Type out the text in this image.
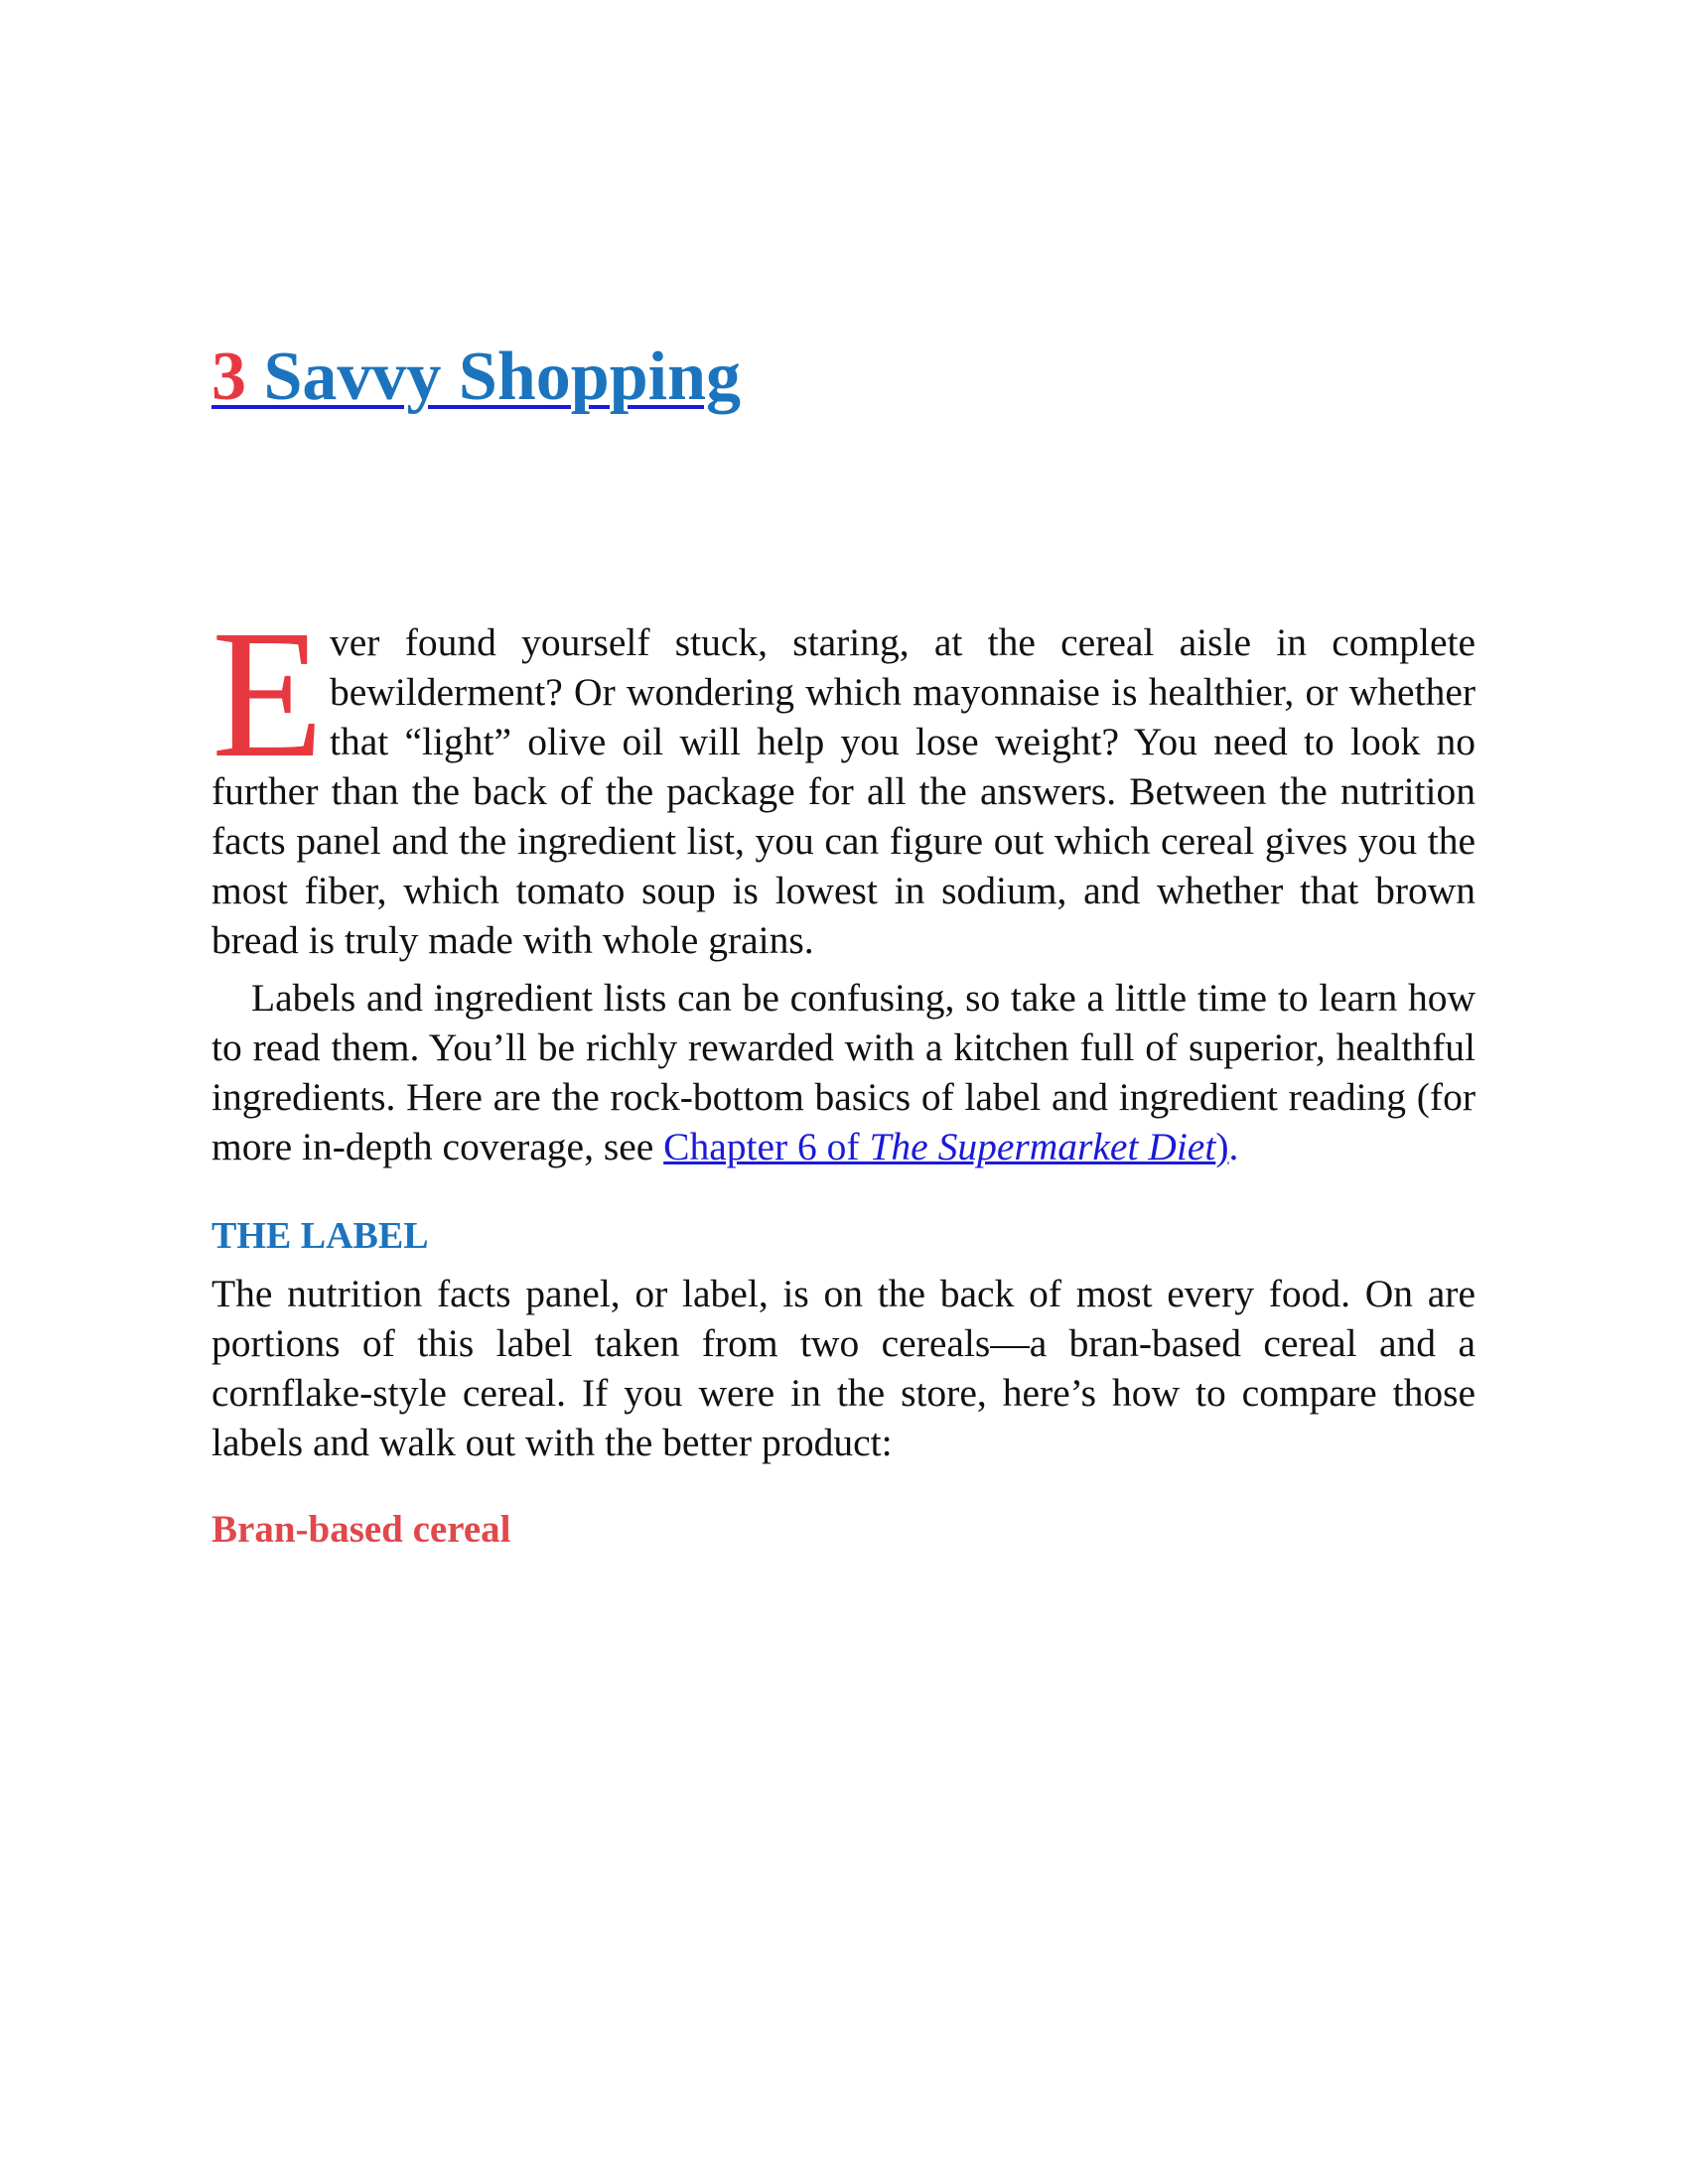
3 Savvy Shopping

Ever found yourself stuck, staring, at the cereal aisle in complete bewilderment? Or wondering which mayonnaise is healthier, or whether that “light” olive oil will help you lose weight? You need to look no further than the back of the package for all the answers. Between the nutrition facts panel and the ingredient list, you can figure out which cereal gives you the most fiber, which tomato soup is lowest in sodium, and whether that brown bread is truly made with whole grains.

Labels and ingredient lists can be confusing, so take a little time to learn how to read them. You’ll be richly rewarded with a kitchen full of superior, healthful ingredients. Here are the rock-bottom basics of label and ingredient reading (for more in-depth coverage, see Chapter 6 of The Supermarket Diet).

THE LABEL

The nutrition facts panel, or label, is on the back of most every food. On are portions of this label taken from two cereals—a bran-based cereal and a cornflake-style cereal. If you were in the store, here’s how to compare those labels and walk out with the better product:

Bran-based cereal
